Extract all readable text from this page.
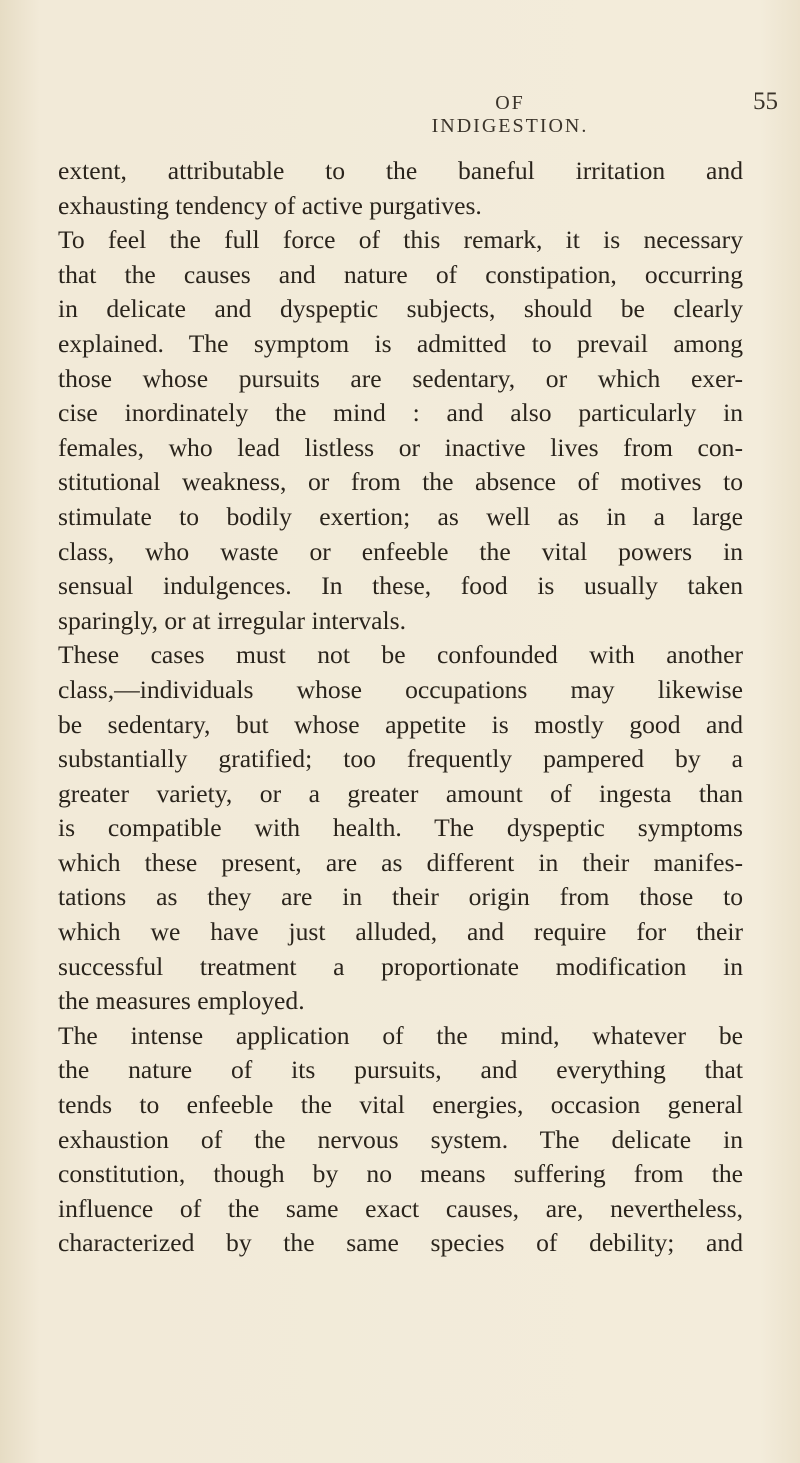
OF INDIGESTION.
55
extent, attributable to the baneful irritation and
exhausting tendency of active purgatives.
To feel the full force of this remark, it is necessary
that the causes and nature of constipation, occurring
in delicate and dyspeptic subjects, should be clearly
explained. The symptom is admitted to prevail among
those whose pursuits are sedentary, or which exer-
cise inordinately the mind : and also particularly in
females, who lead listless or inactive lives from con-
stitutional weakness, or from the absence of motives to
stimulate to bodily exertion; as well as in a large
class, who waste or enfeeble the vital powers in
sensual indulgences. In these, food is usually taken
sparingly, or at irregular intervals.
These cases must not be confounded with another
class,—individuals whose occupations may likewise
be sedentary, but whose appetite is mostly good and
substantially gratified; too frequently pampered by a
greater variety, or a greater amount of ingesta than
is compatible with health. The dyspeptic symptoms
which these present, are as different in their manifes-
tations as they are in their origin from those to
which we have just alluded, and require for their
successful treatment a proportionate modification in
the measures employed.
The intense application of the mind, whatever be
the nature of its pursuits, and everything that
tends to enfeeble the vital energies, occasion general
exhaustion of the nervous system. The delicate in
constitution, though by no means suffering from the
influence of the same exact causes, are, nevertheless,
characterized by the same species of debility; and
